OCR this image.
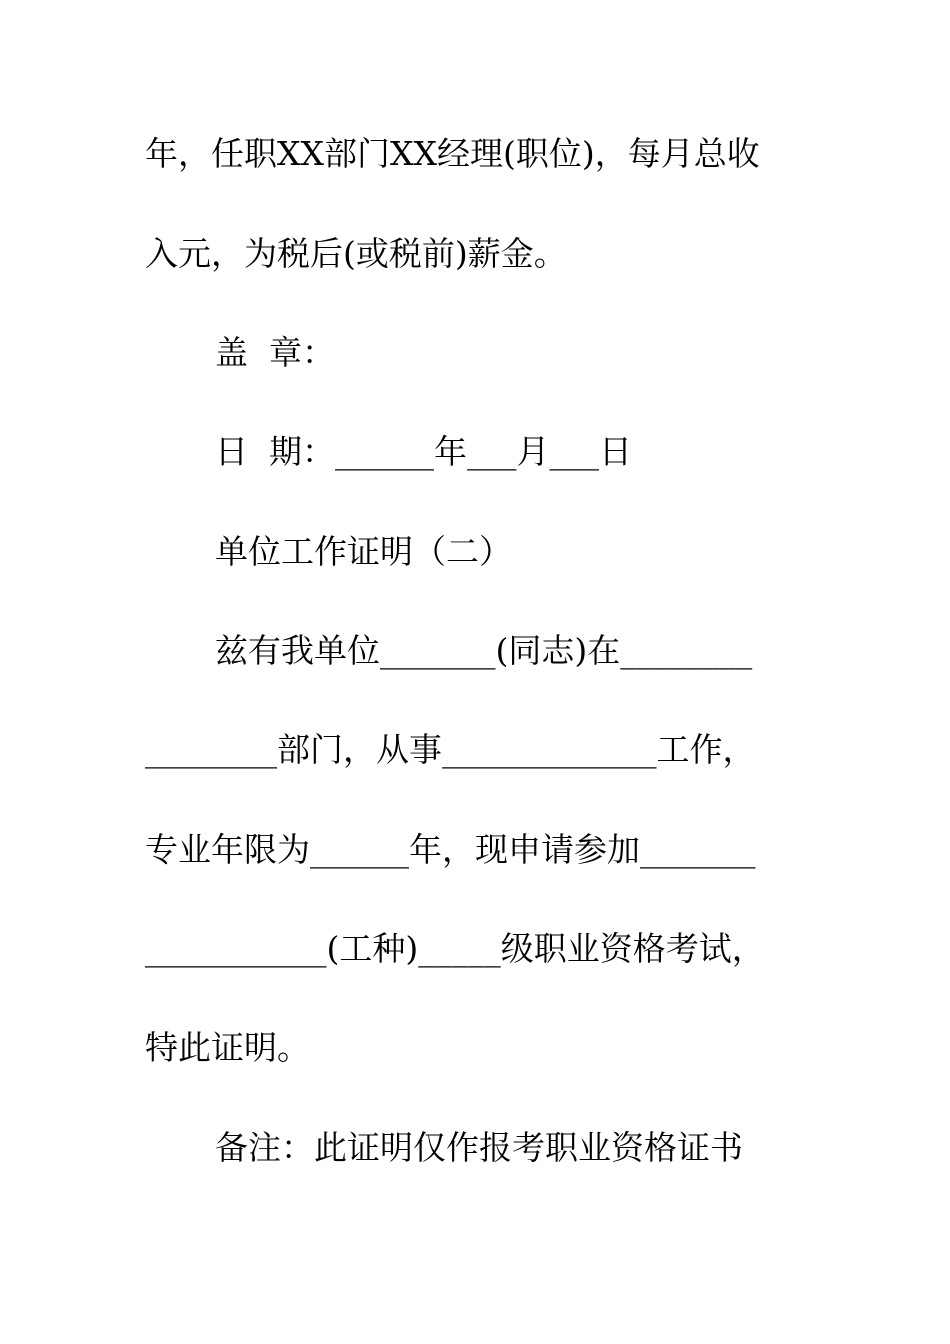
年，任职XX部门XX经理(职位)，每月总收
入元，为税后(或税前)薪金。
盖  章：
日  期：______年___月___日
单位工作证明（二）
兹有我单位_______(同志)在________
________部门，从事_____________工作，
专业年限为______年，现申请参加_______
___________(工种)_____级职业资格考试，
特此证明。
备注：此证明仅作报考职业资格证书
